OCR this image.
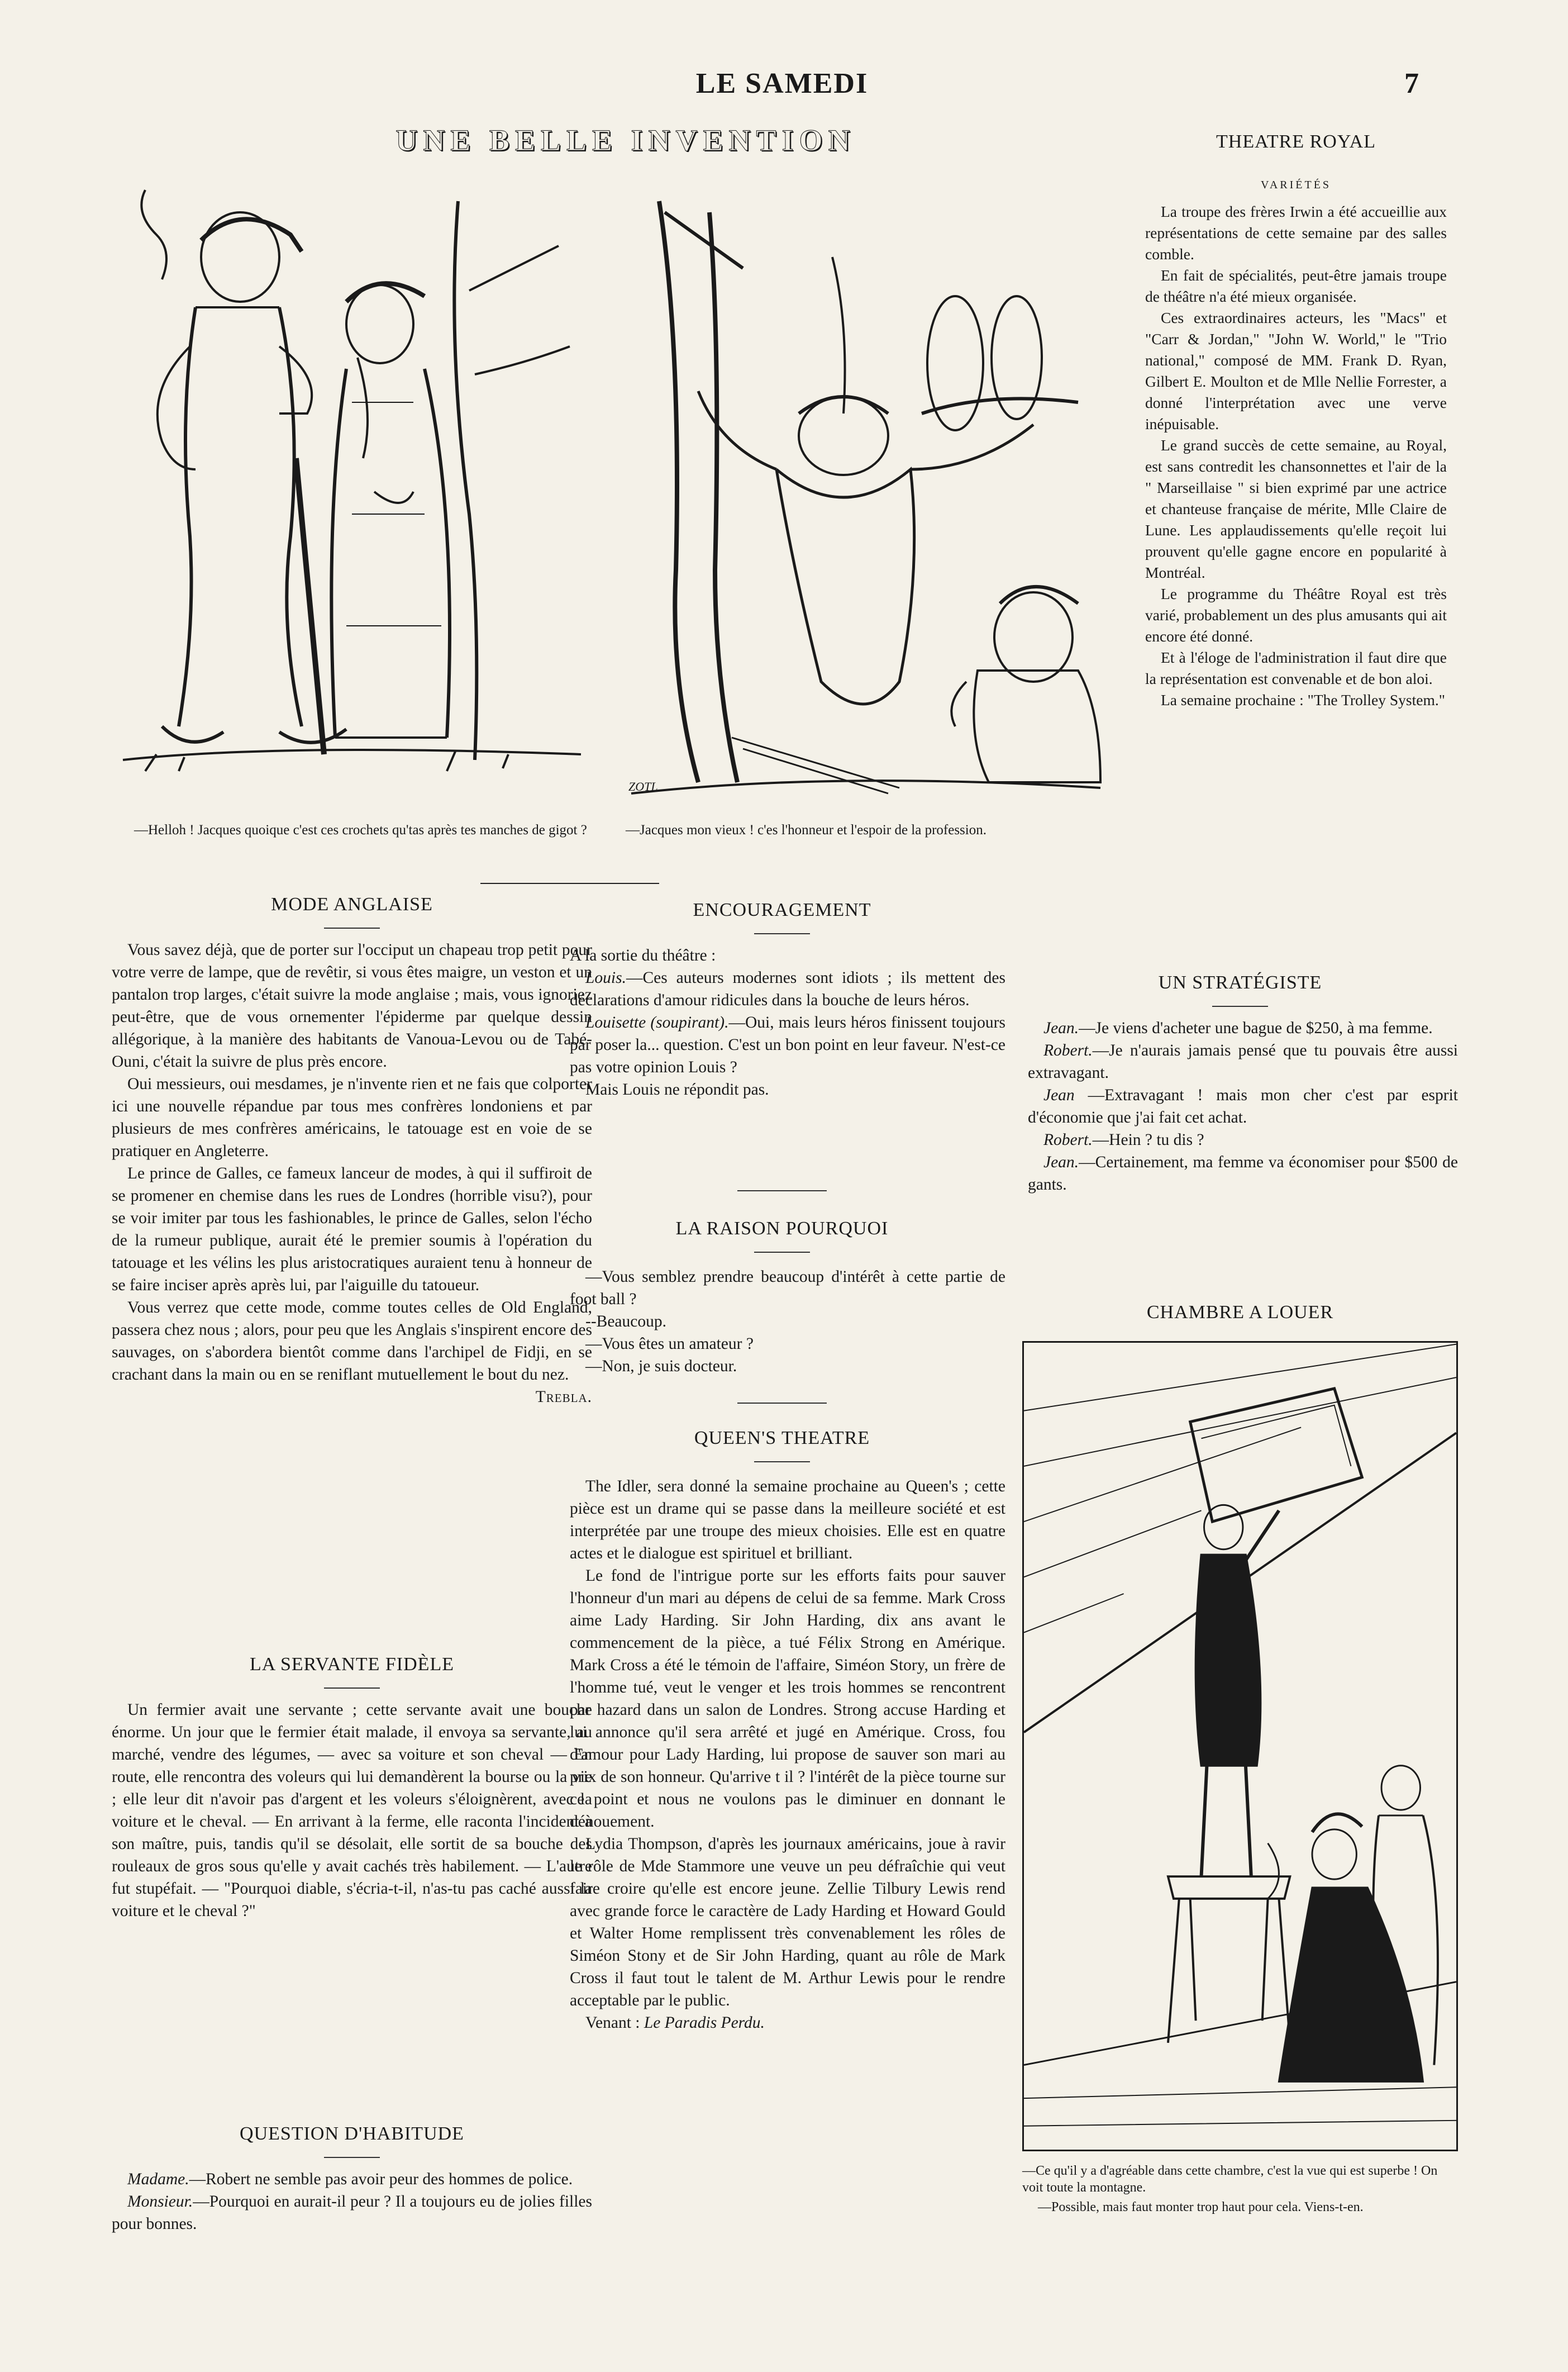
LE SAMEDI	7
UNE BELLE INVENTION
—Helloh ! Jacques quoique c'est ces crochets qu'tas après tes manches de gigot ?
ZOTL
—Jacques mon vieux ! c'es l'honneur et l'espoir de la profession.
MODE ANGLAISE

Vous savez déjà, que de porter sur l'occiput un chapeau trop petit pour votre verre de lampe, que de revêtir, si vous êtes maigre, un veston et un pantalon trop larges, c'était suivre la mode anglaise ; mais, vous ignoriez peut-être, que de vous ornementer l'épiderme par quelque dessin allégorique, à la manière des habitants de Vanoua-Levou ou de Tabé-Ouni, c'était la suivre de plus près encore.

Oui messieurs, oui mesdames, je n'invente rien et ne fais que colporter ici une nouvelle répandue par tous mes confrères londoniens et par plusieurs de mes confrères américains, le tatouage est en voie de se pratiquer en Angleterre.

Le prince de Galles, ce fameux lanceur de modes, à qui il suffiroit de se promener en chemise dans les rues de Londres (horrible visu?), pour se voir imiter par tous les fashionables, le prince de Galles, selon l'écho de la rumeur publique, aurait été le premier soumis à l'opération du tatouage et les vélins les plus aristocratiques auraient tenu à honneur de se faire inciser après après lui, par l'aiguille du tatoueur.

Vous verrez que cette mode, comme toutes celles de Old England, passera chez nous ; alors, pour peu que les Anglais s'inspirent encore des sauvages, on s'abordera bientôt comme dans l'archipel de Fidji, en se crachant dans la main ou en se reniflant mutuellement le bout du nez.

Trebla.

LA SERVANTE FIDÈLE

Un fermier avait une servante ; cette servante avait une bouche énorme. Un jour que le fermier était malade, il envoya sa servante, au marché, vendre des légumes, — avec sa voiture et son cheval — En route, elle rencontra des voleurs qui lui demandèrent la bourse ou la vie ; elle leur dit n'avoir pas d'argent et les voleurs s'éloignèrent, avec la voiture et le cheval. — En arrivant à la ferme, elle raconta l'incident à son maître, puis, tandis qu'il se désolait, elle sortit de sa bouche des rouleaux de gros sous qu'elle y avait cachés très habilement. — L'autre fut stupéfait. — "Pourquoi diable, s'écria-t-il, n'as-tu pas caché aussi la voiture et le cheval ?"

QUESTION D'HABITUDE

Madame.—Robert ne semble pas avoir peur des hommes de police.

Monsieur.—Pourquoi en aurait-il peur ? Il a toujours eu de jolies filles pour bonnes.

ENCOURAGEMENT

A la sortie du théâtre :

Louis.—Ces auteurs modernes sont idiots ; ils mettent des déclarations d'amour ridicules dans la bouche de leurs héros.

Louisette (soupirant).—Oui, mais leurs héros finissent toujours par poser la... question. C'est un bon point en leur faveur. N'est-ce pas votre opinion Louis ?

Mais Louis ne répondit pas.

LA RAISON POURQUOI

—Vous semblez prendre beaucoup d'intérêt à cette partie de foot ball ?

--Beaucoup.

—Vous êtes un amateur ?

—Non, je suis docteur.

QUEEN'S THEATRE

The Idler, sera donné la semaine prochaine au Queen's ; cette pièce est un drame qui se passe dans la meilleure société et est interprétée par une troupe des mieux choisies. Elle est en quatre actes et le dialogue est spirituel et brilliant.

Le fond de l'intrigue porte sur les efforts faits pour sauver l'honneur d'un mari au dépens de celui de sa femme. Mark Cross aime Lady Harding. Sir John Harding, dix ans avant le commencement de la pièce, a tué Félix Strong en Amérique. Mark Cross a été le témoin de l'affaire, Siméon Story, un frère de l'homme tué, veut le venger et les trois hommes se rencontrent par hazard dans un salon de Londres. Strong accuse Harding et lui annonce qu'il sera arrêté et jugé en Amérique. Cross, fou d'amour pour Lady Harding, lui propose de sauver son mari au prix de son honneur. Qu'arrive t il ? l'intérêt de la pièce tourne sur ce point et nous ne voulons pas le diminuer en donnant le dénouement.

Lydia Thompson, d'après les journaux américains, joue à ravir le rôle de Mde Stammore une veuve un peu défraîchie qui veut faire croire qu'elle est encore jeune. Zellie Tilbury Lewis rend avec grande force le caractère de Lady Harding et Howard Gould et Walter Home remplissent très convenablement les rôles de Siméon Stony et de Sir John Harding, quant au rôle de Mark Cross il faut tout le talent de M. Arthur Lewis pour le rendre acceptable par le public.

Venant : Le Paradis Perdu.

THEATRE ROYAL
VARIÉTÉS

La troupe des frères Irwin a été accueillie aux représentations de cette semaine par des salles comble.

En fait de spécialités, peut-être jamais troupe de théâtre n'a été mieux organisée.

Ces extraordinaires acteurs, les "Macs" et "Carr & Jordan," "John W. World," le "Trio national," composé de MM. Frank D. Ryan, Gilbert E. Moulton et de Mlle Nellie Forrester, a donné l'interprétation avec une verve inépuisable.

Le grand succès de cette semaine, au Royal, est sans contredit les chansonnettes et l'air de la " Marseillaise " si bien exprimé par une actrice et chanteuse française de mérite, Mlle Claire de Lune. Les applaudissements qu'elle reçoit lui prouvent qu'elle gagne encore en popularité à Montréal.

Le programme du Théâtre Royal est très varié, probablement un des plus amusants qui ait encore été donné.

Et à l'éloge de l'administration il faut dire que la représentation est convenable et de bon aloi.

La semaine prochaine : "The Trolley System."

UN STRATÉGISTE

Jean.—Je viens d'acheter une bague de $250, à ma femme.

Robert.—Je n'aurais jamais pensé que tu pouvais être aussi extravagant.

Jean —Extravagant ! mais mon cher c'est par esprit d'économie que j'ai fait cet achat.

Robert.—Hein ? tu dis ?

Jean.—Certainement, ma femme va économiser pour $500 de gants.

CHAMBRE A LOUER
—Ce qu'il y a d'agréable dans cette chambre, c'est la vue qui est superbe ! On voit toute la montagne.
—Possible, mais faut monter trop haut pour cela. Viens-t-en.
